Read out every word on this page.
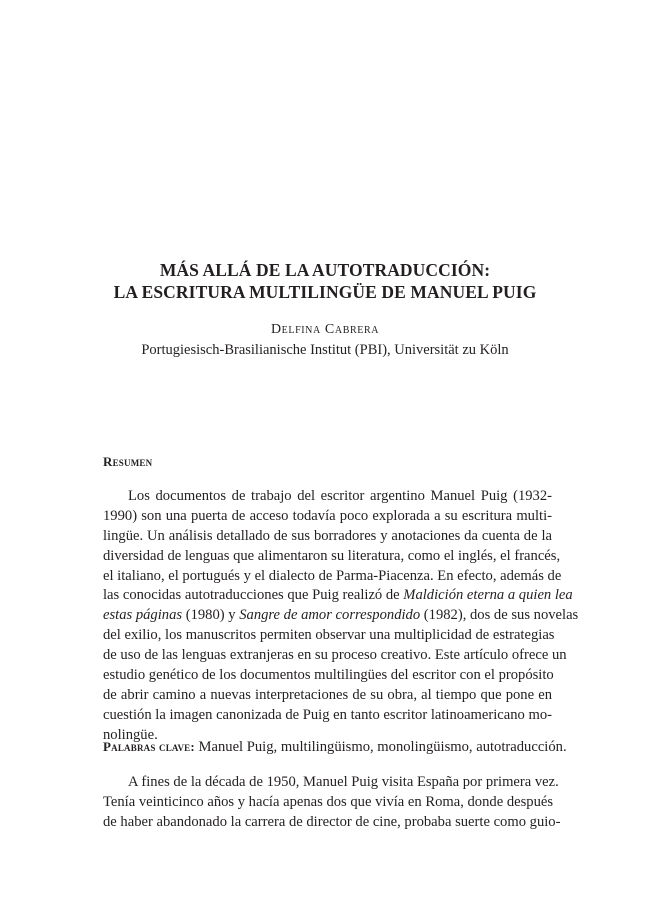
MÁS ALLÁ DE LA AUTOTRADUCCIÓN:
LA ESCRITURA MULTILINGÜE DE MANUEL PUIG
Delfina Cabrera
Portugiesisch-Brasilianische Institut (PBI), Universität zu Köln
Resumen
Los documentos de trabajo del escritor argentino Manuel Puig (1932-
1990) son una puerta de acceso todavía poco explorada a su escritura multi-
lingüe. Un análisis detallado de sus borradores y anotaciones da cuenta de la
diversidad de lenguas que alimentaron su literatura, como el inglés, el francés,
el italiano, el portugués y el dialecto de Parma-Piacenza. En efecto, además de
las conocidas autotraducciones que Puig realizó de Maldición eterna a quien lea
estas páginas (1980) y Sangre de amor correspondido (1982), dos de sus novelas
del exilio, los manuscritos permiten observar una multiplicidad de estrategias
de uso de las lenguas extranjeras en su proceso creativo. Este artículo ofrece un
estudio genético de los documentos multilingües del escritor con el propósito
de abrir camino a nuevas interpretaciones de su obra, al tiempo que pone en
cuestión la imagen canonizada de Puig en tanto escritor latinoamericano mo-
nolingüe.
Palabras clave: Manuel Puig, multilingüismo, monolingüismo, autotraducción.
A fines de la década de 1950, Manuel Puig visita España por primera vez.
Tenía veinticinco años y hacía apenas dos que vivía en Roma, donde después
de haber abandonado la carrera de director de cine, probaba suerte como guio-
